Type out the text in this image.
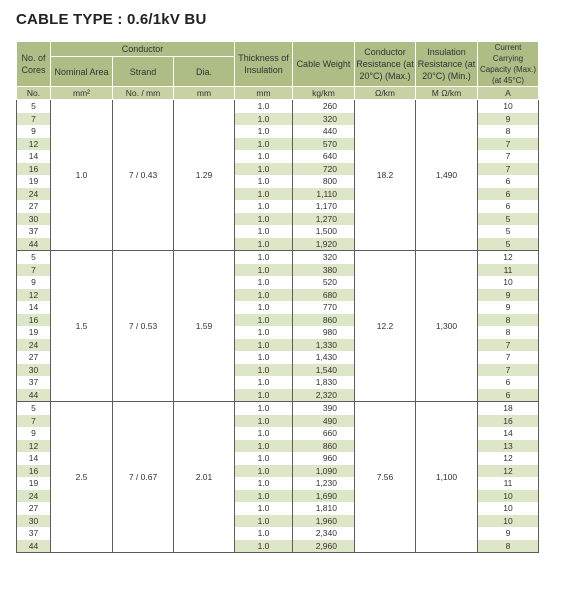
CABLE TYPE : 0.6/1kV BU
No. of Cores	Conductor			Thickness of Insulation	Cable Weight	Conductor Resistance (at 20°C) (Max.)	Insulation Resistance (at 20°C) (Min.)	Current Carrying Capacity (Max.) (at 45°C)
	Nominal Area	Strand	Dia.					
No.	mm²	No. / mm	mm	mm	kg/km	Ω/km	M Ω/km	A
5	1.0	7 / 0.43	1.29	1.0	260	18.2	1,490	10
7				1.0	320			9
9				1.0	440			8
12				1.0	570			7
14				1.0	640			7
16				1.0	720			7
19				1.0	800			6
24				1.0	1,110			6
27				1.0	1,170			6
30				1.0	1,270			5
37				1.0	1,500			5
44				1.0	1,920			5
5	1.5	7 / 0.53	1.59	1.0	320	12.2	1,300	12
7				1.0	380			11
9				1.0	520			10
12				1.0	680			9
14				1.0	770			9
16				1.0	860			8
19				1.0	980			8
24				1.0	1,330			7
27				1.0	1,430			7
30				1.0	1,540			7
37				1.0	1,830			6
44				1.0	2,320			6
5	2.5	7 / 0.67	2.01	1.0	390	7.56	1,100	18
7				1.0	490			16
9				1.0	660			14
12				1.0	860			13
14				1.0	960			12
16				1.0	1,090			12
19				1.0	1,230			11
24				1.0	1,690			10
27				1.0	1,810			10
30				1.0	1,960			10
37				1.0	2,340			9
44				1.0	2,960			8
